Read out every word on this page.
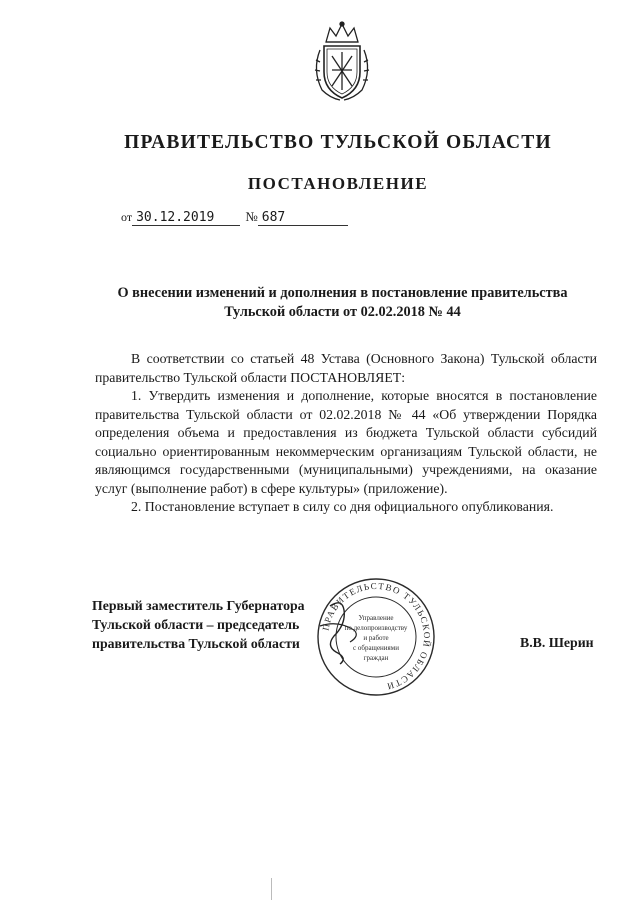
ПРАВИТЕЛЬСТВО ТУЛЬСКОЙ ОБЛАСТИ
ПОСТАНОВЛЕНИЕ
от 30.12.2019 № 687
О внесении изменений и дополнения в постановление правительства
Тульской области от 02.02.2018 № 44

В соответствии со статьей 48 Устава (Основного Закона) Тульской области правительство Тульской области ПОСТАНОВЛЯЕТ:

1. Утвердить изменения и дополнение, которые вносятся в постановление правительства Тульской области от 02.02.2018 № 44 «Об утверждении Порядка определения объема и предоставления из бюджета Тульской области субсидий социально ориентированным некоммерческим организациям Тульской области, не являющимся государственными (муниципальными) учреждениями, на оказание услуг (выполнение работ) в сфере культуры» (приложение).

2. Постановление вступает в силу со дня официального опубликования.

Первый заместитель Губернатора
Тульской области – председатель
правительства Тульской области
ПРАВИТЕЛЬСТВО ТУЛЬСКОЙ ОБЛАСТИ
Управление
по делопроизводству
и работе
с обращениями
граждан
В.В. Шерин
